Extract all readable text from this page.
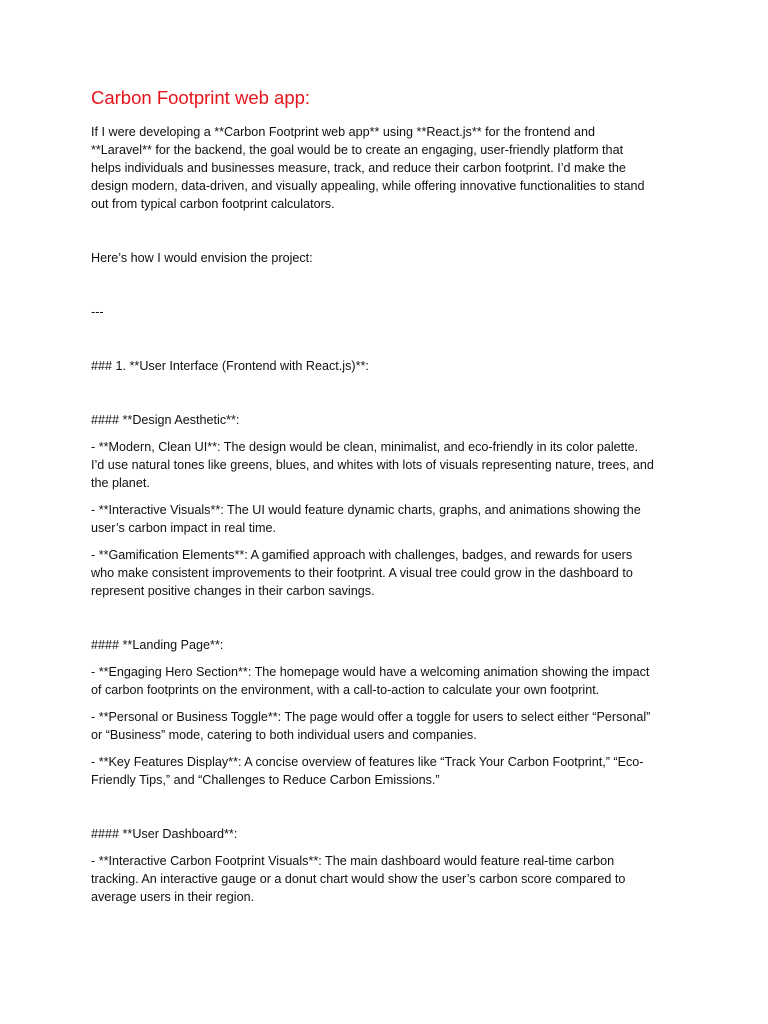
Carbon Footprint web app:

If I were developing a **Carbon Footprint web app** using **React.js** for the frontend and
**Laravel** for the backend, the goal would be to create an engaging, user-friendly platform that
helps individuals and businesses measure, track, and reduce their carbon footprint. I’d make the
design modern, data-driven, and visually appealing, while offering innovative functionalities to stand
out from typical carbon footprint calculators.

Here’s how I would envision the project:

---

### 1. **User Interface (Frontend with React.js)**:

#### **Design Aesthetic**:

- **Modern, Clean UI**: The design would be clean, minimalist, and eco-friendly in its color palette.
I’d use natural tones like greens, blues, and whites with lots of visuals representing nature, trees, and
the planet.

- **Interactive Visuals**: The UI would feature dynamic charts, graphs, and animations showing the
user’s carbon impact in real time.

- **Gamification Elements**: A gamified approach with challenges, badges, and rewards for users
who make consistent improvements to their footprint. A visual tree could grow in the dashboard to
represent positive changes in their carbon savings.

#### **Landing Page**:

- **Engaging Hero Section**: The homepage would have a welcoming animation showing the impact
of carbon footprints on the environment, with a call-to-action to calculate your own footprint.

- **Personal or Business Toggle**: The page would offer a toggle for users to select either “Personal”
or “Business” mode, catering to both individual users and companies.

- **Key Features Display**: A concise overview of features like “Track Your Carbon Footprint,” “Eco-
Friendly Tips,” and “Challenges to Reduce Carbon Emissions.”

#### **User Dashboard**:

- **Interactive Carbon Footprint Visuals**: The main dashboard would feature real-time carbon
tracking. An interactive gauge or a donut chart would show the user’s carbon score compared to
average users in their region.
